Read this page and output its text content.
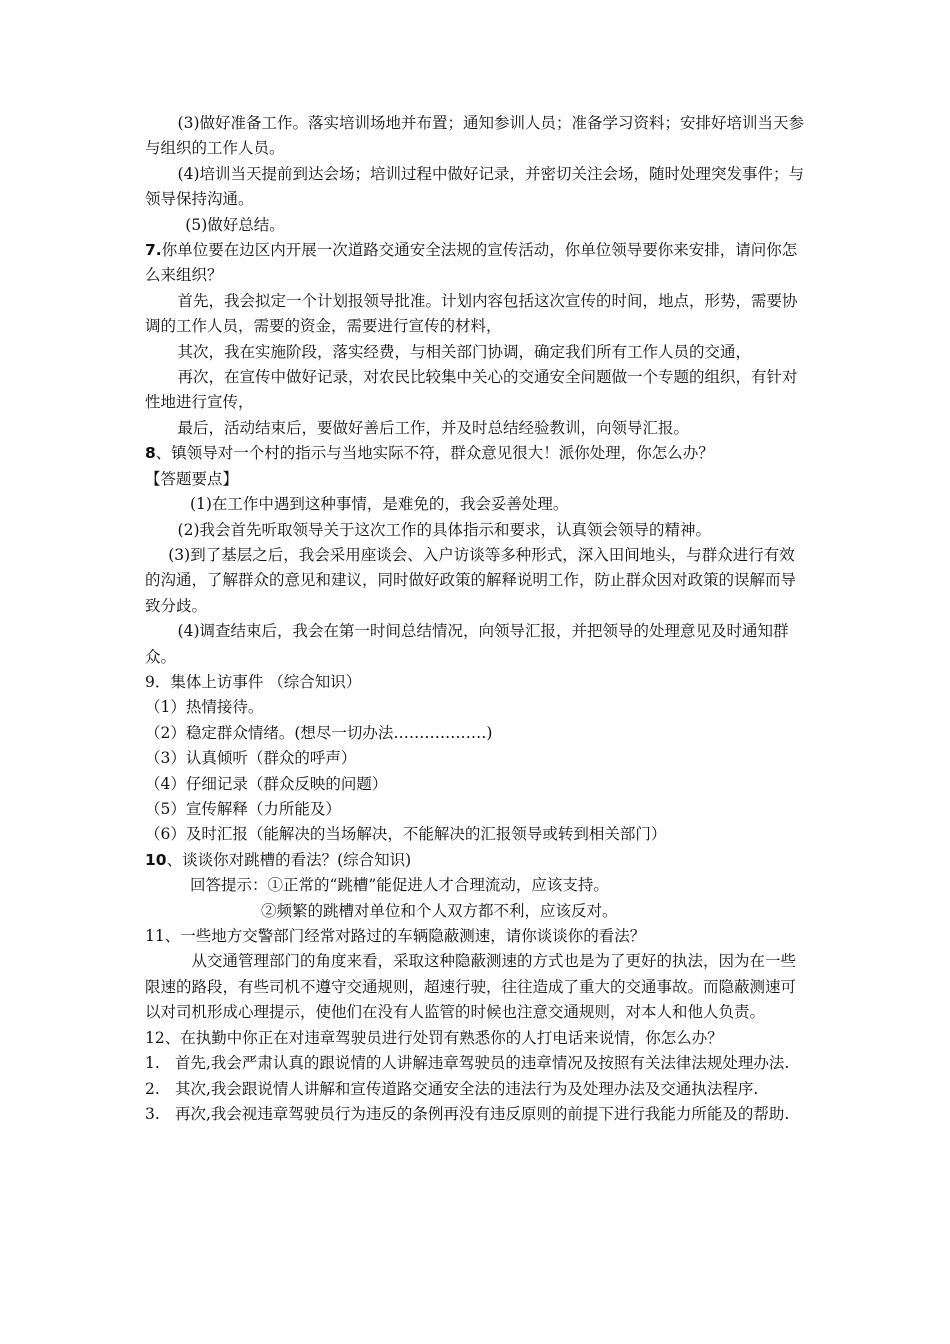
(3)做好准备工作。落实培训场地并布置；通知参训人员；准备学习资料；安排好培训当天参与组织的工作人员。

(4)培训当天提前到达会场；培训过程中做好记录，并密切关注会场，随时处理突发事件；与领导保持沟通。

(5)做好总结。

7.你单位要在边区内开展一次道路交通安全法规的宣传活动，你单位领导要你来安排，请问你怎么来组织？

首先，我会拟定一个计划报领导批准。计划内容包括这次宣传的时间，地点，形势，需要协调的工作人员，需要的资金，需要进行宣传的材料，

其次，我在实施阶段，落实经费，与相关部门协调，确定我们所有工作人员的交通，

再次，在宣传中做好记录，对农民比较集中关心的交通安全问题做一个专题的组织，有针对性地进行宣传，

最后，活动结束后，要做好善后工作，并及时总结经验教训，向领导汇报。

8、镇领导对一个村的指示与当地实际不符，群众意见很大！派你处理，你怎么办？

【答题要点】

(1)在工作中遇到这种事情，是难免的，我会妥善处理。

(2)我会首先听取领导关于这次工作的具体指示和要求，认真领会领导的精神。

(3)到了基层之后，我会采用座谈会、入户访谈等多种形式，深入田间地头，与群众进行有效的沟通，了解群众的意见和建议，同时做好政策的解释说明工作，防止群众因对政策的误解而导致分歧。

(4)调查结束后，我会在第一时间总结情况，向领导汇报，并把领导的处理意见及时通知群众。

9．集体上访事件 （综合知识）

（1）热情接待。

（2）稳定群众情绪。(想尽一切办法………………)

（3）认真倾听（群众的呼声）

（4）仔细记录（群众反映的问题）

（5）宣传解释（力所能及）

（6）及时汇报（能解决的当场解决，不能解决的汇报领导或转到相关部门）

10、谈谈你对跳槽的看法？(综合知识)

回答提示：①正常的“跳槽”能促进人才合理流动，应该支持。

②频繁的跳槽对单位和个人双方都不利，应该反对。

11、一些地方交警部门经常对路过的车辆隐蔽测速，请你谈谈你的看法？

从交通管理部门的角度来看，采取这种隐蔽测速的方式也是为了更好的执法，因为在一些限速的路段，有些司机不遵守交通规则，超速行驶，往往造成了重大的交通事故。而隐蔽测速可以对司机形成心理提示，使他们在没有人监管的时候也注意交通规则，对本人和他人负责。

12、在执勤中你正在对违章驾驶员进行处罚有熟悉你的人打电话来说情，你怎么办？

1. 首先,我会严肃认真的跟说情的人讲解违章驾驶员的违章情况及按照有关法律法规处理办法.
2. 其次,我会跟说情人讲解和宣传道路交通安全法的违法行为及处理办法及交通执法程序.
3. 再次,我会视违章驾驶员行为违反的条例再没有违反原则的前提下进行我能力所能及的帮助.
